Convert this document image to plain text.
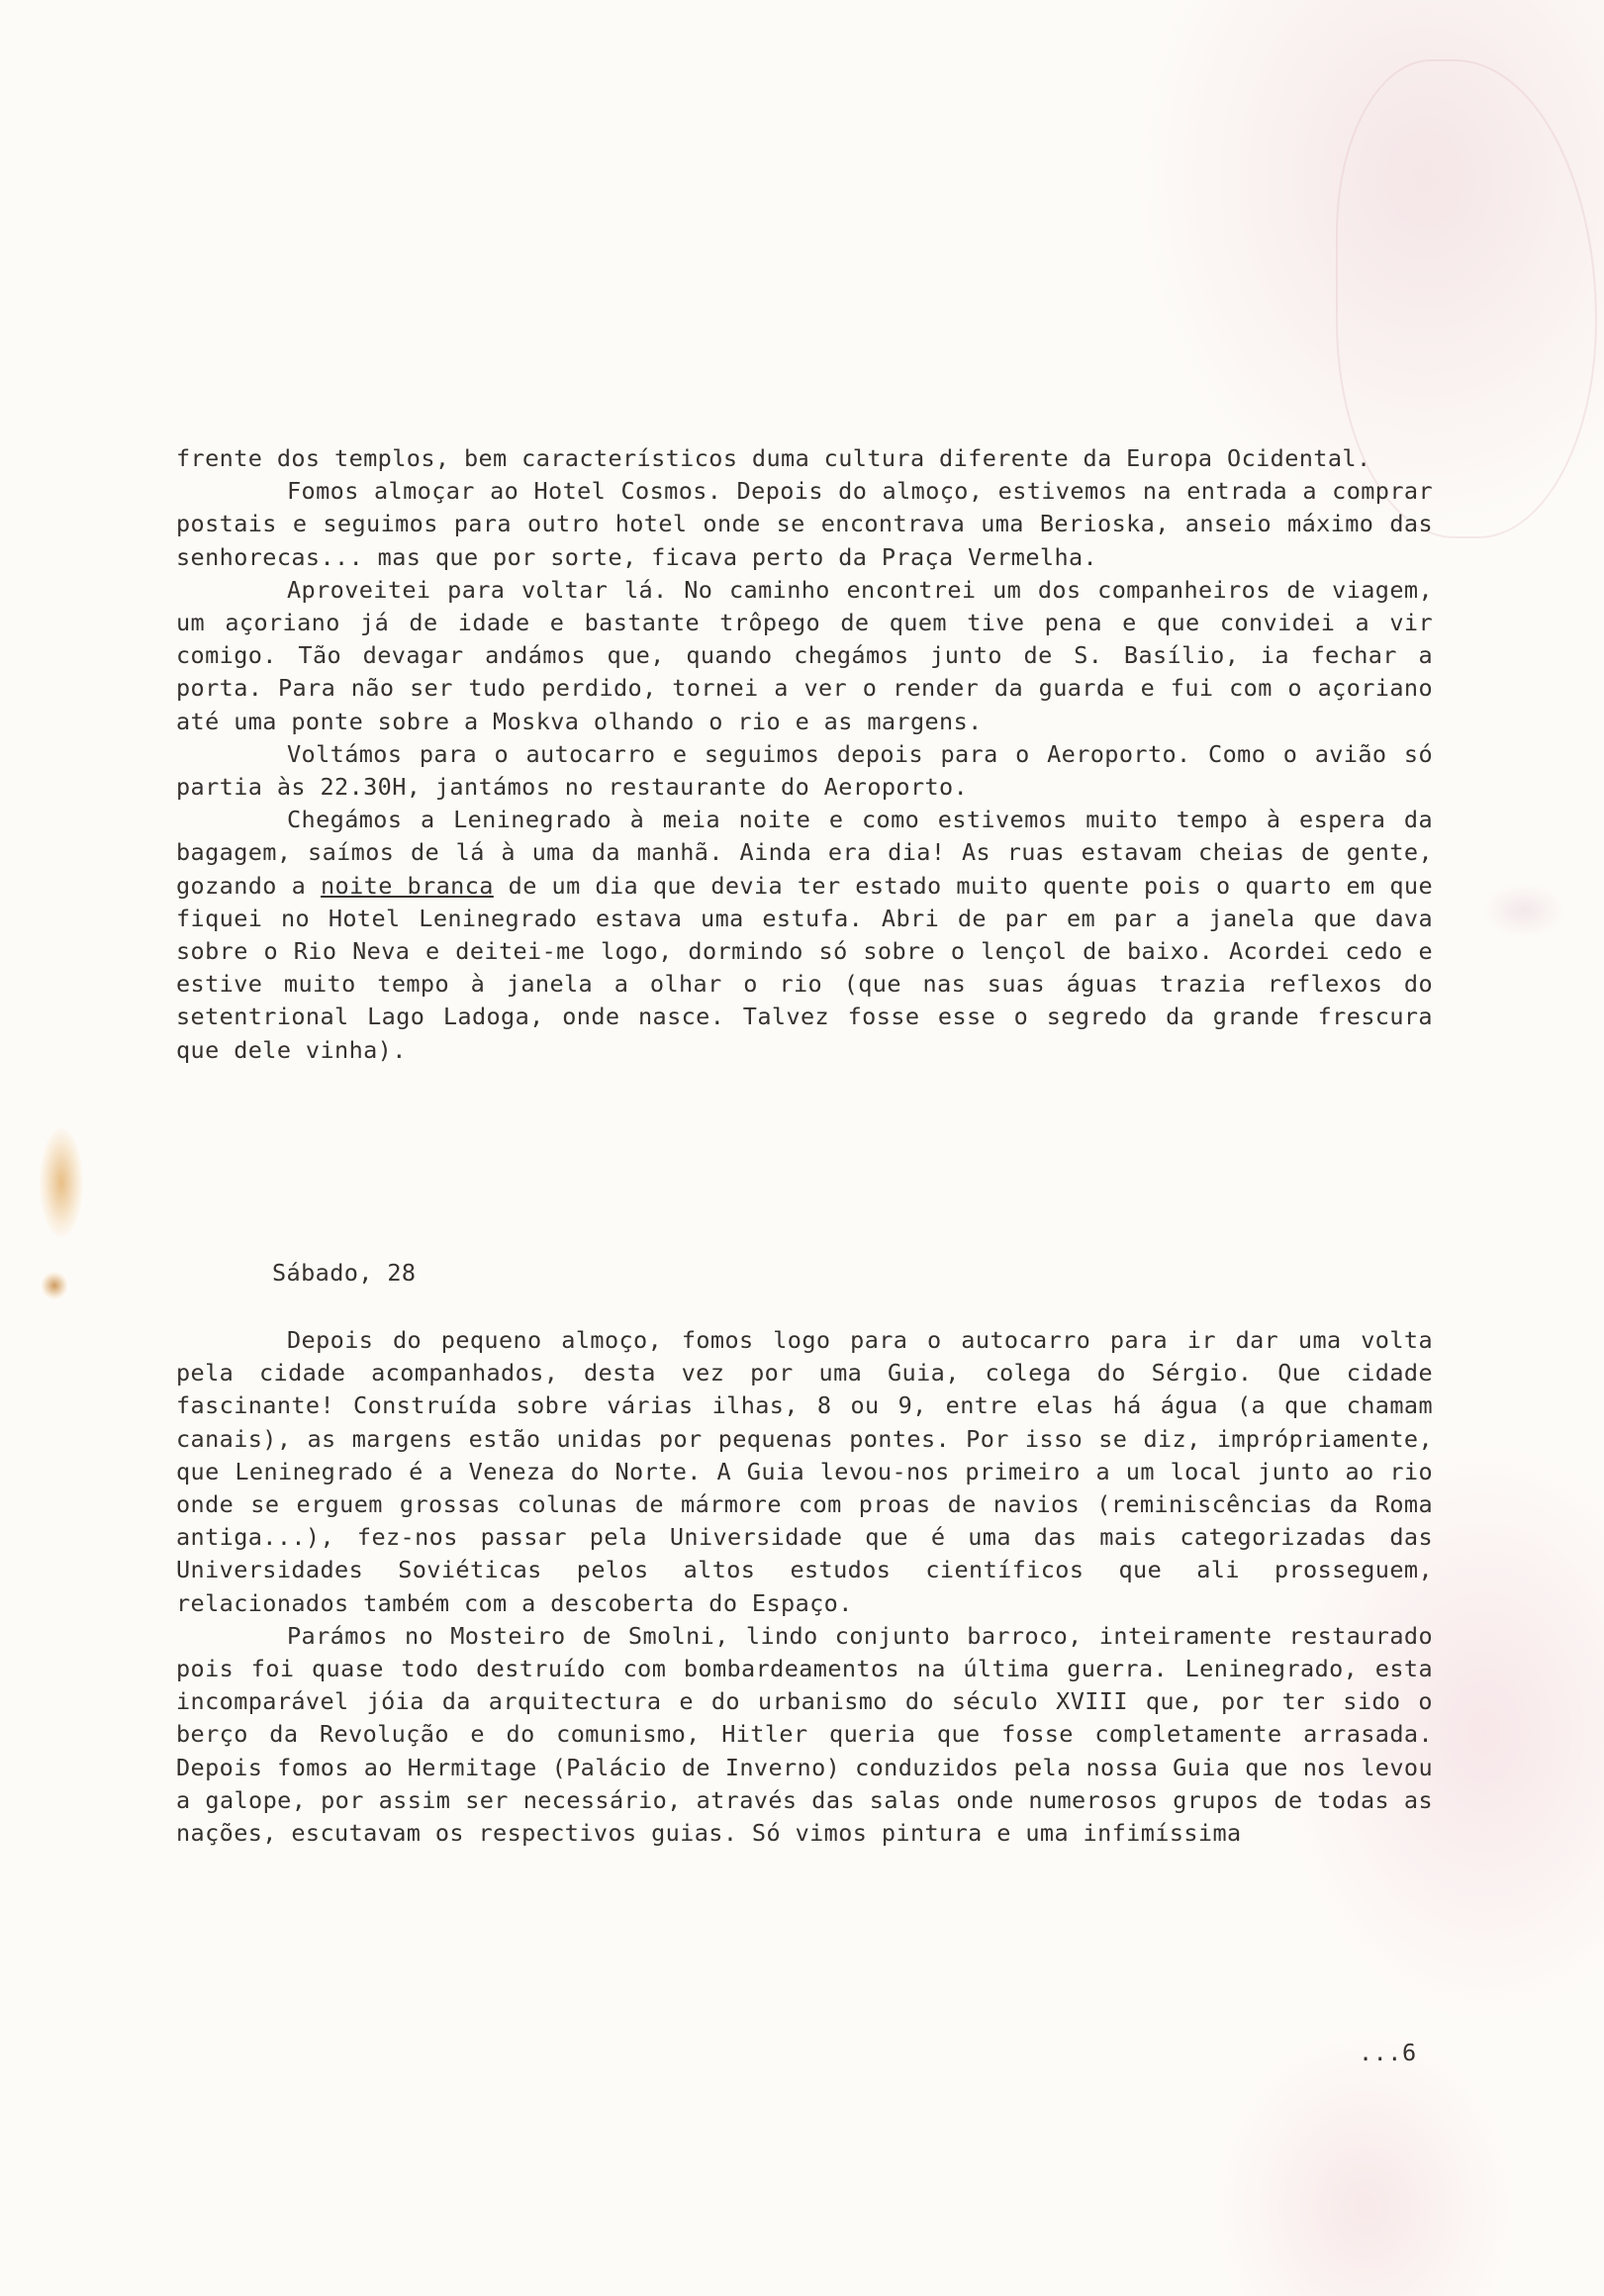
frente dos templos, bem característicos duma cultura diferente da Europa Ocidental.

Fomos almoçar ao Hotel Cosmos. Depois do almoço, estivemos na entrada a comprar postais e seguimos para outro hotel onde se encontrava uma Berioska, anseio máximo das senhorecas... mas que por sorte, ficava perto da Praça Vermelha.

Aproveitei para voltar lá. No caminho encontrei um dos companheiros de viagem, um açoriano já de idade e bastante trôpego de quem tive pena e que convidei a vir comigo. Tão devagar andámos que, quando chegámos junto de S. Basílio, ia fechar a porta. Para não ser tudo perdido, tornei a ver o render da guarda e fui com o açoriano até uma ponte sobre a Moskva olhando o rio e as margens.

Voltámos para o autocarro e seguimos depois para o Aeroporto. Como o avião só partia às 22.30H, jantámos no restaurante do Aeroporto.

Chegámos a Leninegrado à meia noite e como estivemos muito tempo à espera da bagagem, saímos de lá à uma da manhã. Ainda era dia! As ruas estavam cheias de gente, gozando a noite branca de um dia que devia ter estado muito quente pois o quarto em que fiquei no Hotel Leninegrado estava uma estufa. Abri de par em par a janela que dava sobre o Rio Neva e deitei-me logo, dormindo só sobre o lençol de baixo. Acordei cedo e estive muito tempo à janela a olhar o rio (que nas suas águas trazia reflexos do setentrional Lago Ladoga, onde nasce. Talvez fosse esse o segredo da grande frescura que dele vinha).

Sábado, 28

Depois do pequeno almoço, fomos logo para o autocarro para ir dar uma volta pela cidade acompanhados, desta vez por uma Guia, colega do Sérgio. Que cidade fascinante! Construída sobre várias ilhas, 8 ou 9, entre elas há água (a que chamam canais), as margens estão unidas por pequenas pontes. Por isso se diz, imprópriamente, que Leninegrado é a Veneza do Norte. A Guia levou-nos primeiro a um local junto ao rio onde se erguem grossas colunas de mármore com proas de navios (reminiscências da Roma antiga...), fez-nos passar pela Universidade que é uma das mais categorizadas das Universidades Soviéticas pelos altos estudos científicos que ali prosseguem, relacionados também com a descoberta do Espaço.

Parámos no Mosteiro de Smolni, lindo conjunto barroco, inteiramente restaurado pois foi quase todo destruído com bombardeamentos na última guerra. Leninegrado, esta incomparável jóia da arquitectura e do urbanismo do século XVIII que, por ter sido o berço da Revolução e do comunismo, Hitler queria que fosse completamente arrasada. Depois fomos ao Hermitage (Palácio de Inverno) conduzidos pela nossa Guia que nos levou a galope, por assim ser necessário, através das salas onde numerosos grupos de todas as nações, escutavam os respectivos guias. Só vimos pintura e uma infimíssima

...6
